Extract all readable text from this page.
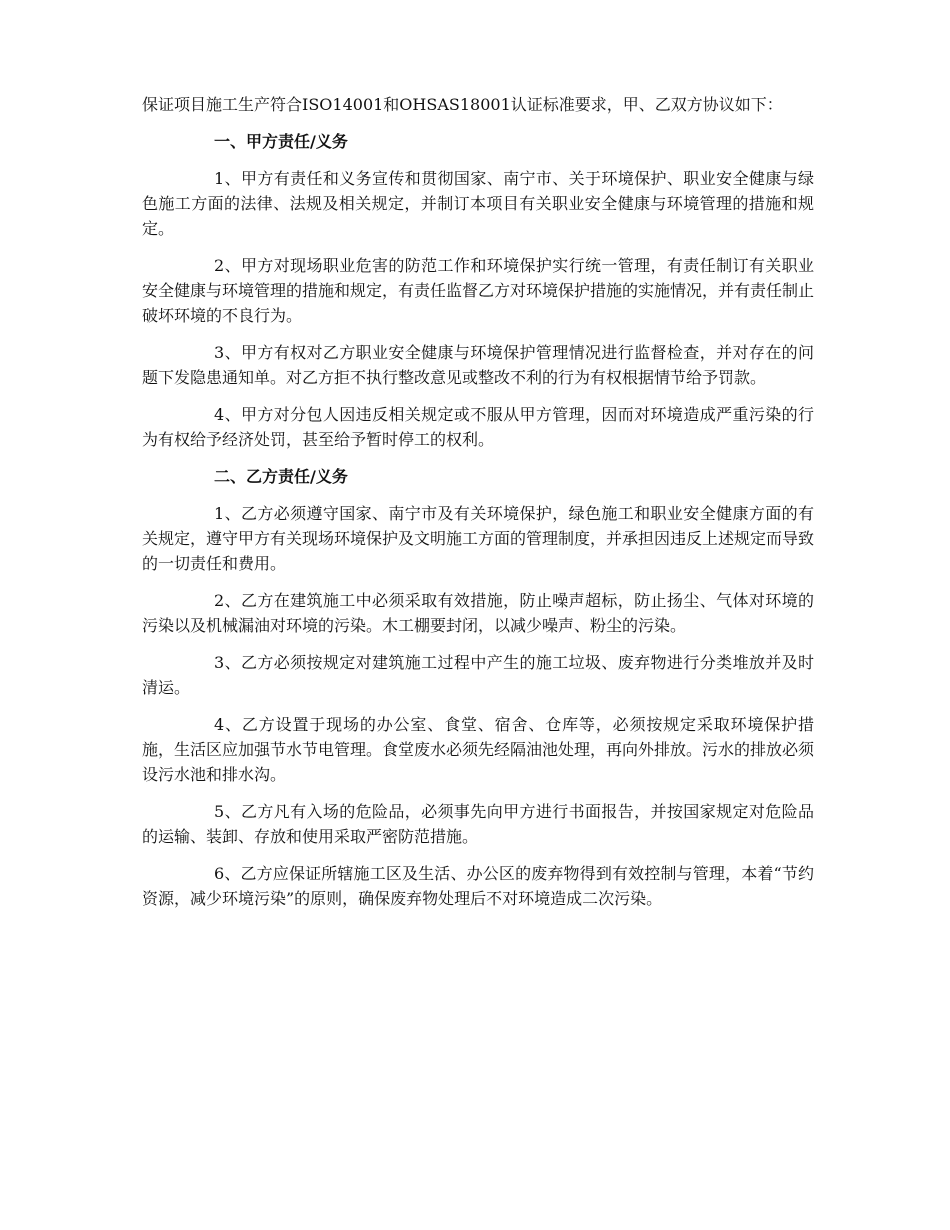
保证项目施工生产符合ISO14001和OHSAS18001认证标准要求，甲、乙双方协议如下：

一、甲方责任/义务

1、甲方有责任和义务宣传和贯彻国家、南宁市、关于环境保护、职业安全健康与绿色施工方面的法律、法规及相关规定，并制订本项目有关职业安全健康与环境管理的措施和规定。

2、甲方对现场职业危害的防范工作和环境保护实行统一管理，有责任制订有关职业安全健康与环境管理的措施和规定，有责任监督乙方对环境保护措施的实施情况，并有责任制止破坏环境的不良行为。

3、甲方有权对乙方职业安全健康与环境保护管理情况进行监督检查，并对存在的问题下发隐患通知单。对乙方拒不执行整改意见或整改不利的行为有权根据情节给予罚款。

4、甲方对分包人因违反相关规定或不服从甲方管理，因而对环境造成严重污染的行为有权给予经济处罚，甚至给予暂时停工的权利。

二、乙方责任/义务

1、乙方必须遵守国家、南宁市及有关环境保护，绿色施工和职业安全健康方面的有关规定，遵守甲方有关现场环境保护及文明施工方面的管理制度，并承担因违反上述规定而导致的一切责任和费用。

2、乙方在建筑施工中必须采取有效措施，防止噪声超标，防止扬尘、气体对环境的污染以及机械漏油对环境的污染。木工棚要封闭，以减少噪声、粉尘的污染。

3、乙方必须按规定对建筑施工过程中产生的施工垃圾、废弃物进行分类堆放并及时清运。

4、乙方设置于现场的办公室、食堂、宿舍、仓库等，必须按规定采取环境保护措施，生活区应加强节水节电管理。食堂废水必须先经隔油池处理，再向外排放。污水的排放必须设污水池和排水沟。

5、乙方凡有入场的危险品，必须事先向甲方进行书面报告，并按国家规定对危险品的运输、装卸、存放和使用采取严密防范措施。

6、乙方应保证所辖施工区及生活、办公区的废弃物得到有效控制与管理，本着“节约资源，减少环境污染”的原则，确保废弃物处理后不对环境造成二次污染。
